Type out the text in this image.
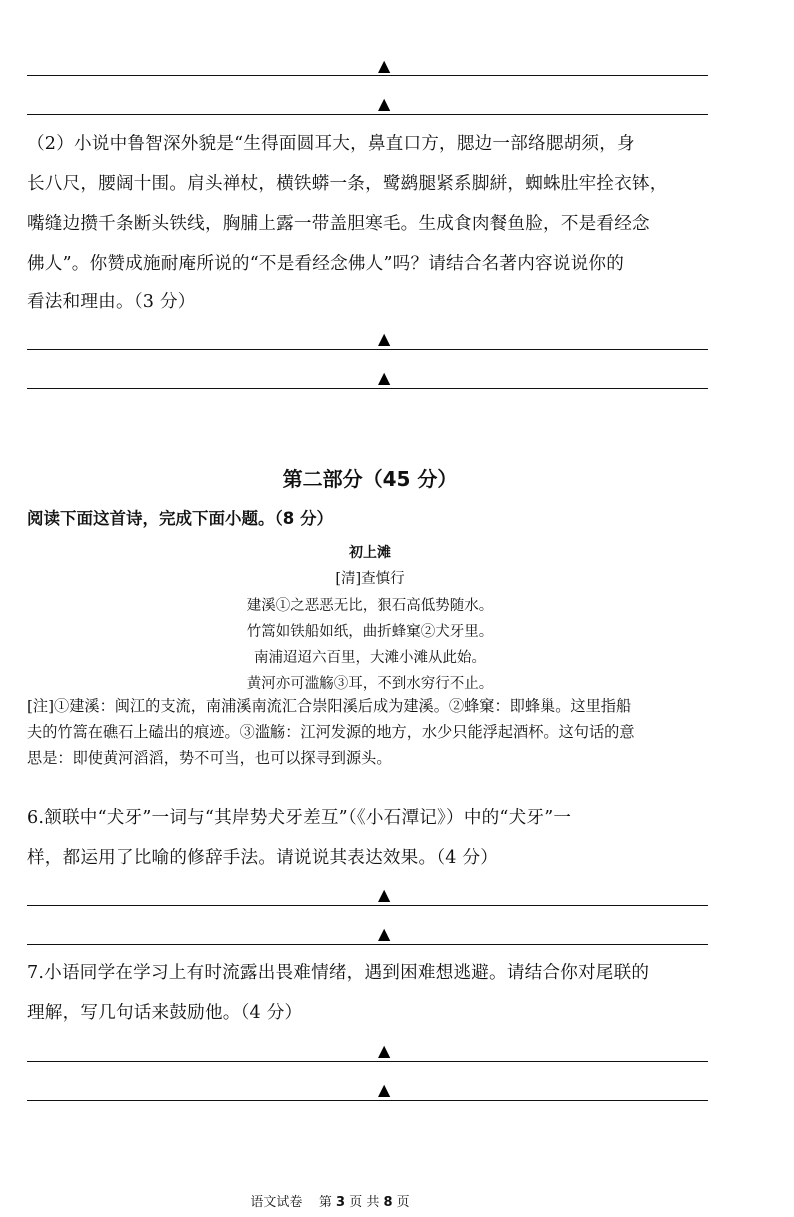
▲
▲
（2）小说中鲁智深外貌是“生得面圆耳大，鼻直口方，腮边一部络腮胡须，身
长八尺，腰阔十围。肩头禅杖，横铁蟒一条，鹭鹚腿紧系脚絣，蜘蛛肚牢拴衣钵，
嘴缝边攒千条断头铁线，胸脯上露一带盖胆寒毛。生成食肉餐鱼脸，不是看经念
佛人”。你赞成施耐庵所说的“不是看经念佛人”吗？请结合名著内容说说你的
看法和理由。（3 分）
▲
▲
第二部分（45 分）
阅读下面这首诗，完成下面小题。（8 分）
初上滩
[清]查慎行
建溪①之恶恶无比，狠石高低势随水。
竹篙如铁船如纸，曲折蜂窠②犬牙里。
南浦迢迢六百里，大滩小滩从此始。
黄河亦可滥觞③耳，不到水穷行不止。
[注]①建溪：闽江的支流，南浦溪南流汇合崇阳溪后成为建溪。②蜂窠：即蜂巢。这里指船
夫的竹篙在礁石上磕出的痕迹。③滥觞：江河发源的地方，水少只能浮起酒杯。这句话的意
思是：即使黄河滔滔，势不可当，也可以探寻到源头。
6.颔联中“犬牙”一词与“其岸势犬牙差互”（《小石潭记》）中的“犬牙”一
样，都运用了比喻的修辞手法。请说说其表达效果。（4 分）
▲
▲
7.小语同学在学习上有时流露出畏难情绪，遇到困难想逃避。请结合你对尾联的
理解，写几句话来鼓励他。（4 分）
▲
▲
语文试卷 第 3 页 共 8 页
